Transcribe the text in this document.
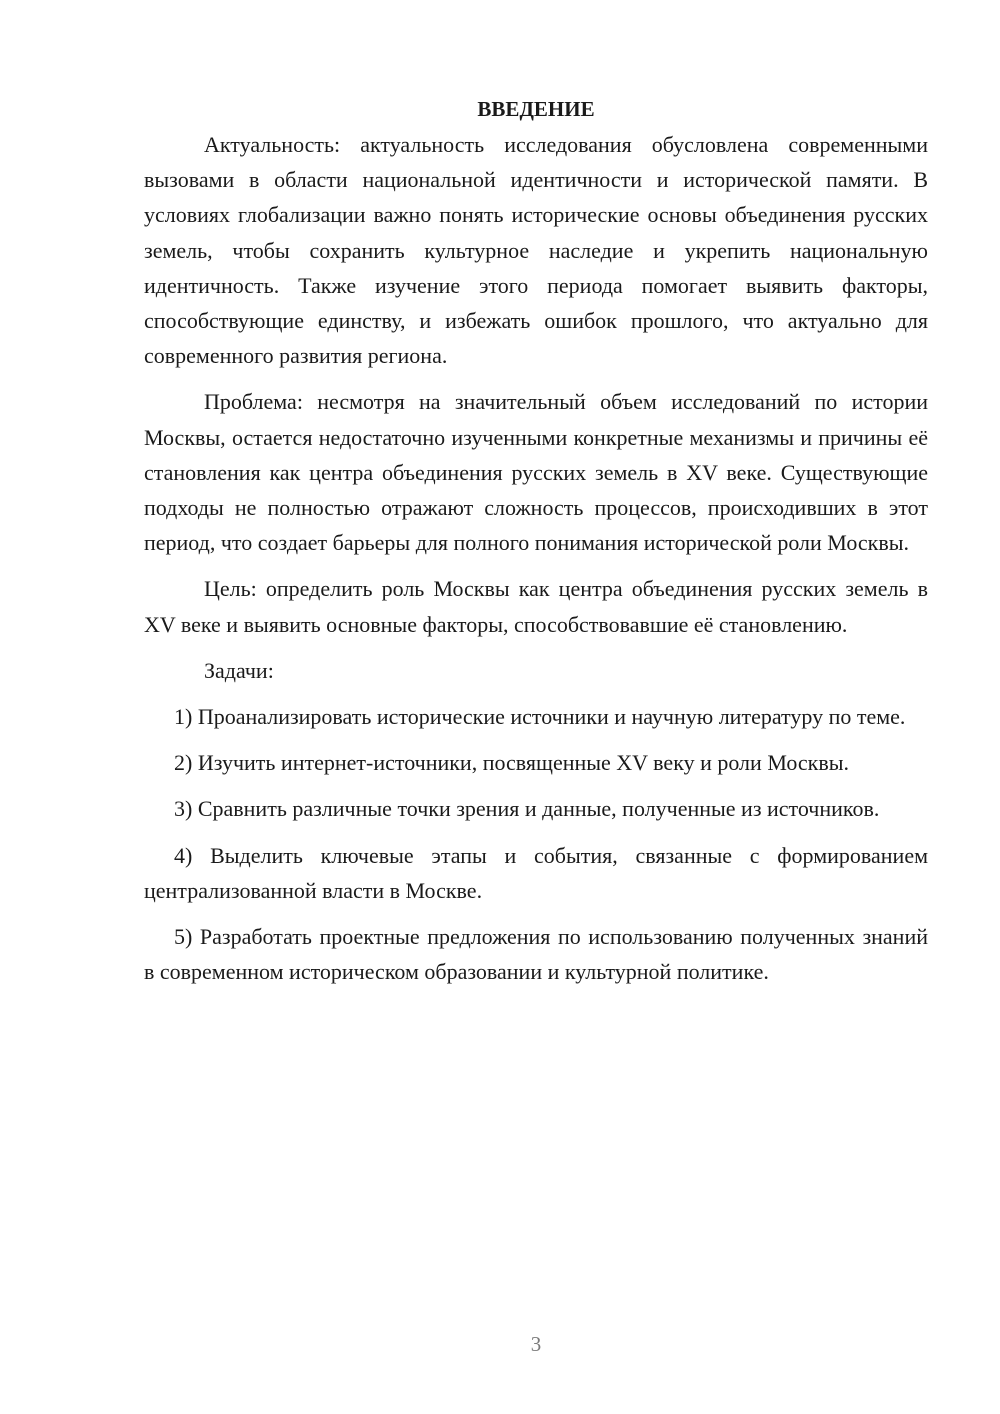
ВВЕДЕНИЕ

Актуальность: актуальность исследования обусловлена современными вызовами в области национальной идентичности и исторической памяти. В условиях глобализации важно понять исторические основы объединения русских земель, чтобы сохранить культурное наследие и укрепить национальную идентичность. Также изучение этого периода помогает выявить факторы, способствующие единству, и избежать ошибок прошлого, что актуально для современного развития региона.

Проблема: несмотря на значительный объем исследований по истории Москвы, остается недостаточно изученными конкретные механизмы и причины её становления как центра объединения русских земель в XV веке. Существующие подходы не полностью отражают сложность процессов, происходивших в этот период, что создает барьеры для полного понимания исторической роли Москвы.

Цель: определить роль Москвы как центра объединения русских земель в XV веке и выявить основные факторы, способствовавшие её становлению.

Задачи:

1) Проанализировать исторические источники и научную литературу по теме.

2) Изучить интернет-источники, посвященные XV веку и роли Москвы.

3) Сравнить различные точки зрения и данные, полученные из источников.

4) Выделить ключевые этапы и события, связанные с формированием централизованной власти в Москве.

5) Разработать проектные предложения по использованию полученных знаний в современном историческом образовании и культурной политике.

3
